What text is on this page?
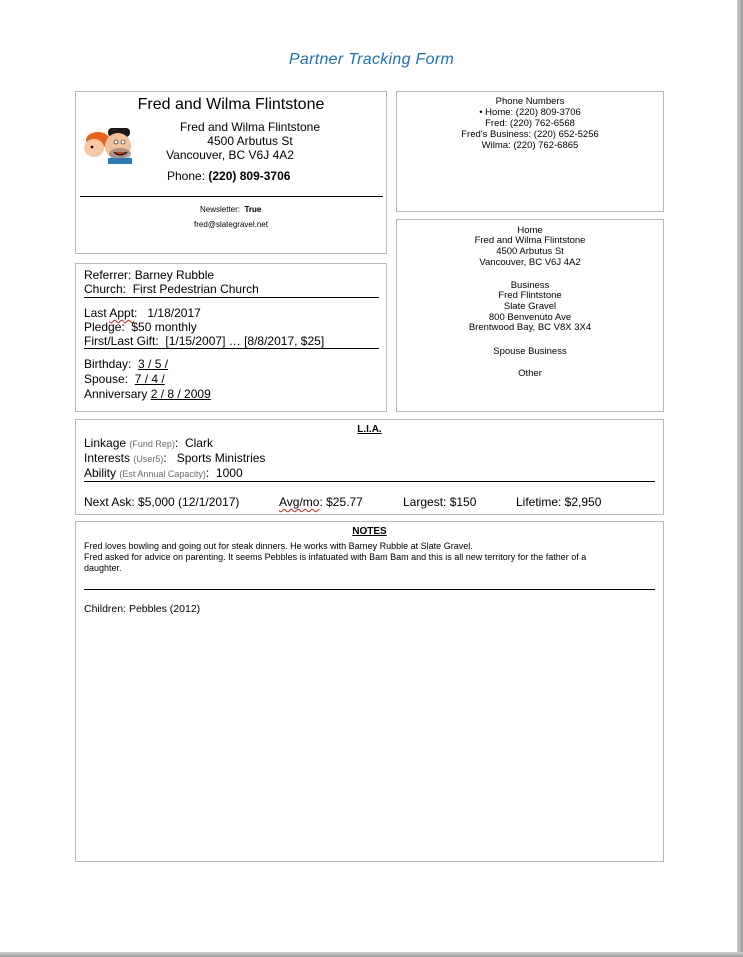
Partner Tracking Form
Fred and Wilma Flintstone
Fred and Wilma Flintstone
4500 Arbutus St
Vancouver, BC V6J 4A2
Phone: (220) 809-3706
Newsletter: True
fred@slategravel.net
Phone Numbers
• Home: (220) 809-3706
Fred: (220) 762-6568
Fred's Business: (220) 652-5256
Wilma: (220) 762-6865
Home
Fred and Wilma Flintstone
4500 Arbutus St
Vancouver, BC V6J 4A2
Business
Fred Flintstone
Slate Gravel
800 Benvenuto Ave
Brentwood Bay, BC V8X 3X4
Spouse Business
Other
Referrer: Barney Rubble
Church: First Pedestrian Church
Last Appt: 1/18/2017
Pledge: $50 monthly
First/Last Gift: [1/15/2007] … [8/8/2017, $25]
Birthday:  3 / 5 /
Spouse:  7 / 4 /
Anniversary 2 / 8 / 2009
L.I.A.
Linkage (Fund Rep):  Clark
Interests (User5):   Sports Ministries
Ability (Est Annual Capacity):  1000
Next Ask: $5,000 (12/1/2017)	Avg/mo: $25.77	Largest: $150	Lifetime: $2,950
NOTES
Fred loves bowling and going out for steak dinners. He works with Barney Rubble at Slate Gravel.
Fred asked for advice on parenting. It seems Pebbles is infatuated with Bam Bam and this is all new territory for the father of a
daughter.
Children: Pebbles (2012)
